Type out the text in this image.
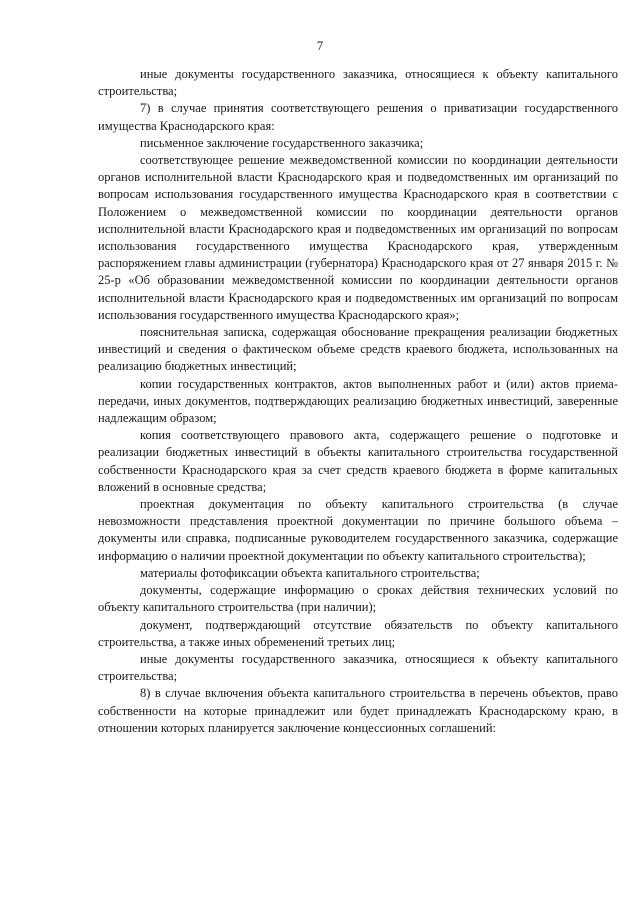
7

иные документы государственного заказчика, относящиеся к объекту капитального строительства;

7) в случае принятия соответствующего решения о приватизации государственного имущества Краснодарского края:

письменное заключение государственного заказчика;

соответствующее решение межведомственной комиссии по координации деятельности органов исполнительной власти Краснодарского края и подведомственных им организаций по вопросам использования государственного имущества Краснодарского края в соответствии с Положением о межведомственной комиссии по координации деятельности органов исполнительной власти Краснодарского края и подведомственных им организаций по вопросам использования государственного имущества Краснодарского края, утвержденным распоряжением главы администрации (губернатора) Краснодарского края от 27 января 2015 г. № 25-р «Об образовании межведомственной комиссии по координации деятельности органов исполнительной власти Краснодарского края и подведомственных им организаций по вопросам использования государственного имущества Краснодарского края»;

пояснительная записка, содержащая обоснование прекращения реализации бюджетных инвестиций и сведения о фактическом объеме средств краевого бюджета, использованных на реализацию бюджетных инвестиций;

копии государственных контрактов, актов выполненных работ и (или) актов приема-передачи, иных документов, подтверждающих реализацию бюджетных инвестиций, заверенные надлежащим образом;

копия соответствующего правового акта, содержащего решение о подготовке и реализации бюджетных инвестиций в объекты капитального строительства государственной собственности Краснодарского края за счет средств краевого бюджета в форме капитальных вложений в основные средства;

проектная документация по объекту капитального строительства (в случае невозможности представления проектной документации по причине большого объема – документы или справка, подписанные руководителем государственного заказчика, содержащие информацию о наличии проектной документации по объекту капитального строительства);

материалы фотофиксации объекта капитального строительства;

документы, содержащие информацию о сроках действия технических условий по объекту капитального строительства (при наличии);

документ, подтверждающий отсутствие обязательств по объекту капитального строительства, а также иных обременений третьих лиц;

иные документы государственного заказчика, относящиеся к объекту капитального строительства;

8) в случае включения объекта капитального строительства в перечень объектов, право собственности на которые принадлежит или будет принадлежать Краснодарскому краю, в отношении которых планируется заключение концессионных соглашений:
